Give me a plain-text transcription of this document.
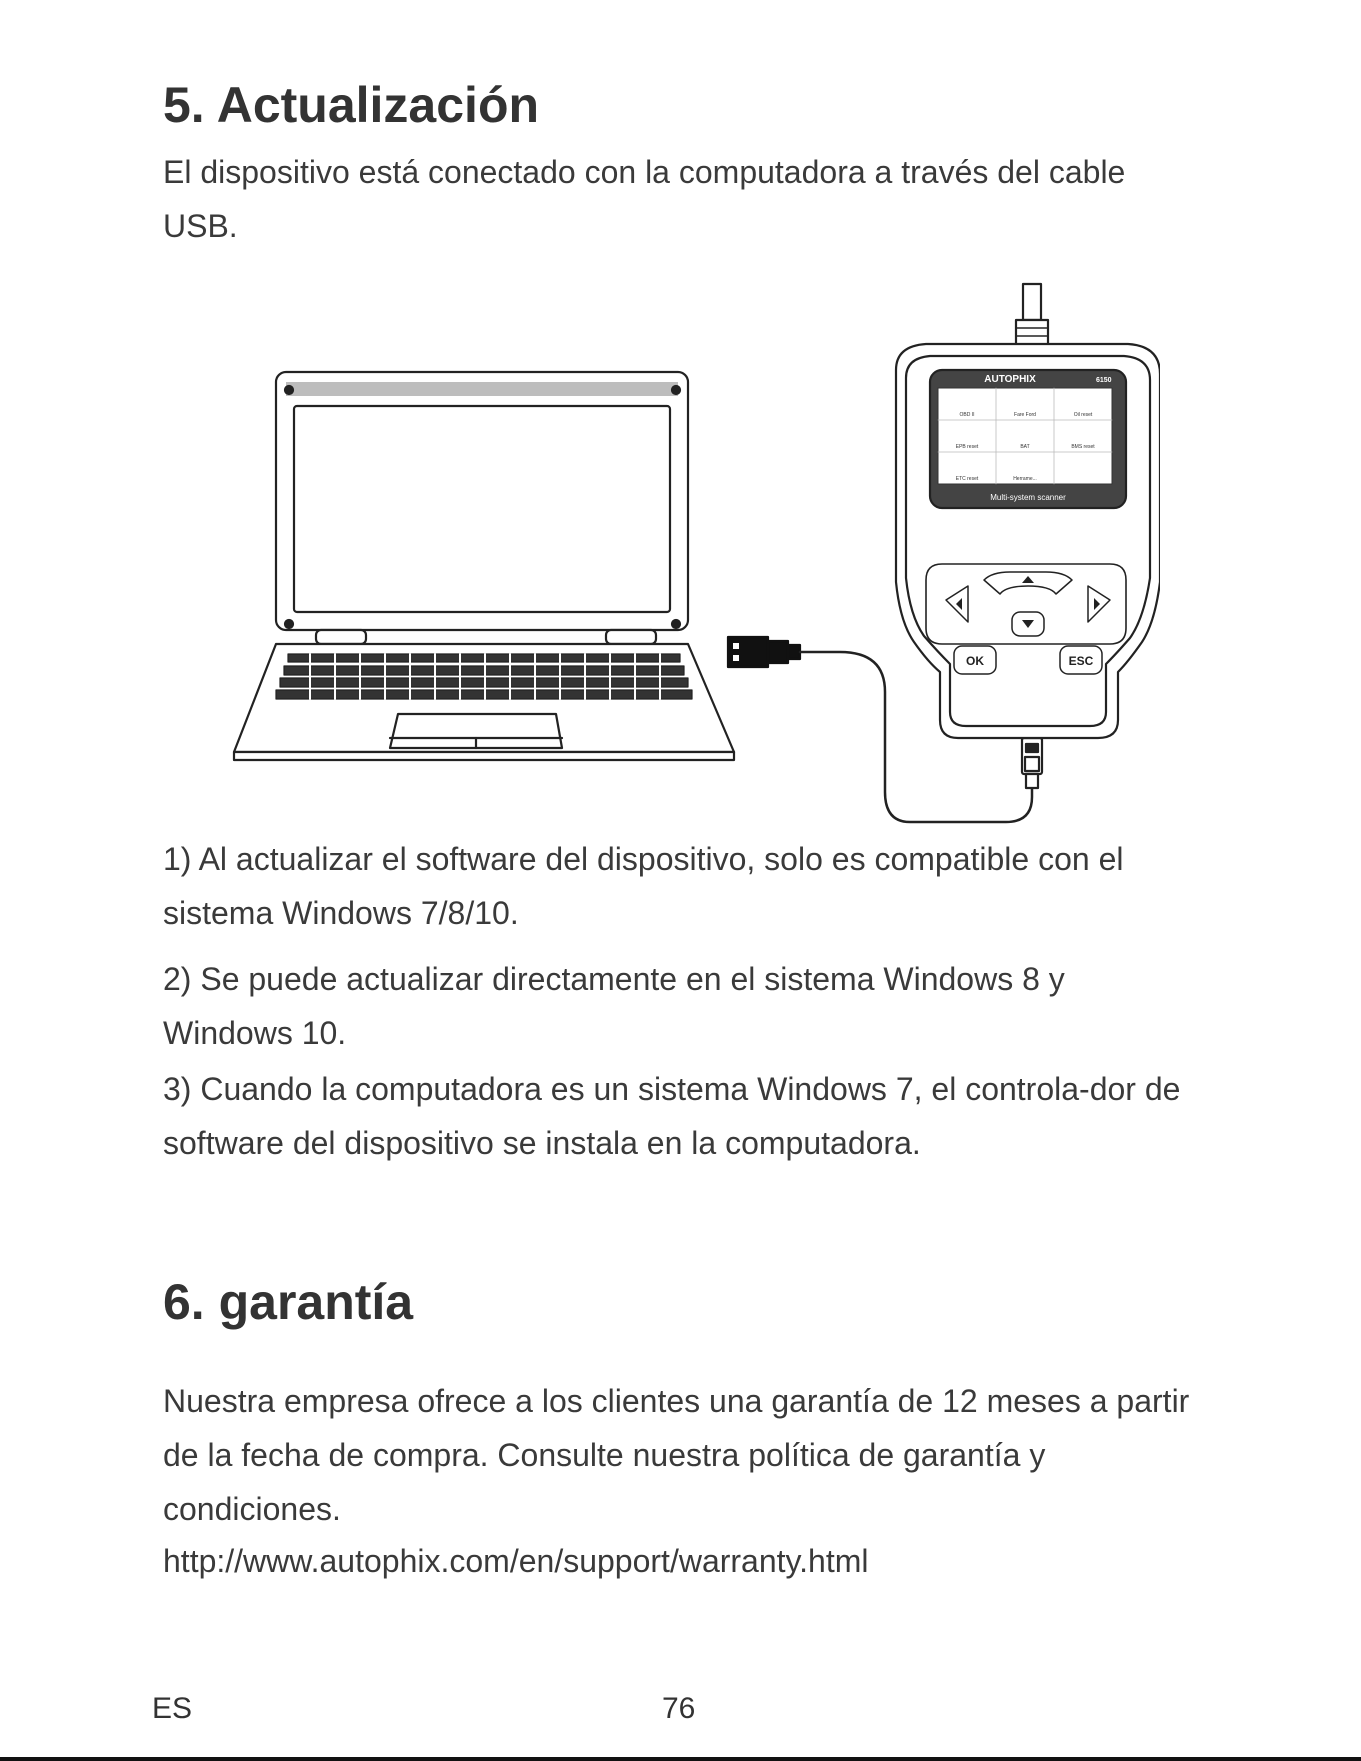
5. Actualización

El dispositivo está conectado con la computadora a través del cable USB.

AUTOPHIX	6150
Multi-system scanner
OBD II	Fare Ford	Oil reset
EPB reset	BAT	BMS reset
ETC reset	Herrame...
OK	ESC

1) Al actualizar el software del dispositivo, solo es compatible con el sistema Windows 7/8/10.

2) Se puede actualizar directamente en el sistema Windows 8 y Windows 10.

3) Cuando la computadora es un sistema Windows 7, el controla-dor de software del dispositivo se instala en la computadora.

6. garantía

Nuestra empresa ofrece a los clientes una garantía de 12 meses a partir de la fecha de compra. Consulte nuestra política de garantía y condiciones.

http://www.autophix.com/en/support/warranty.html

ES	76
